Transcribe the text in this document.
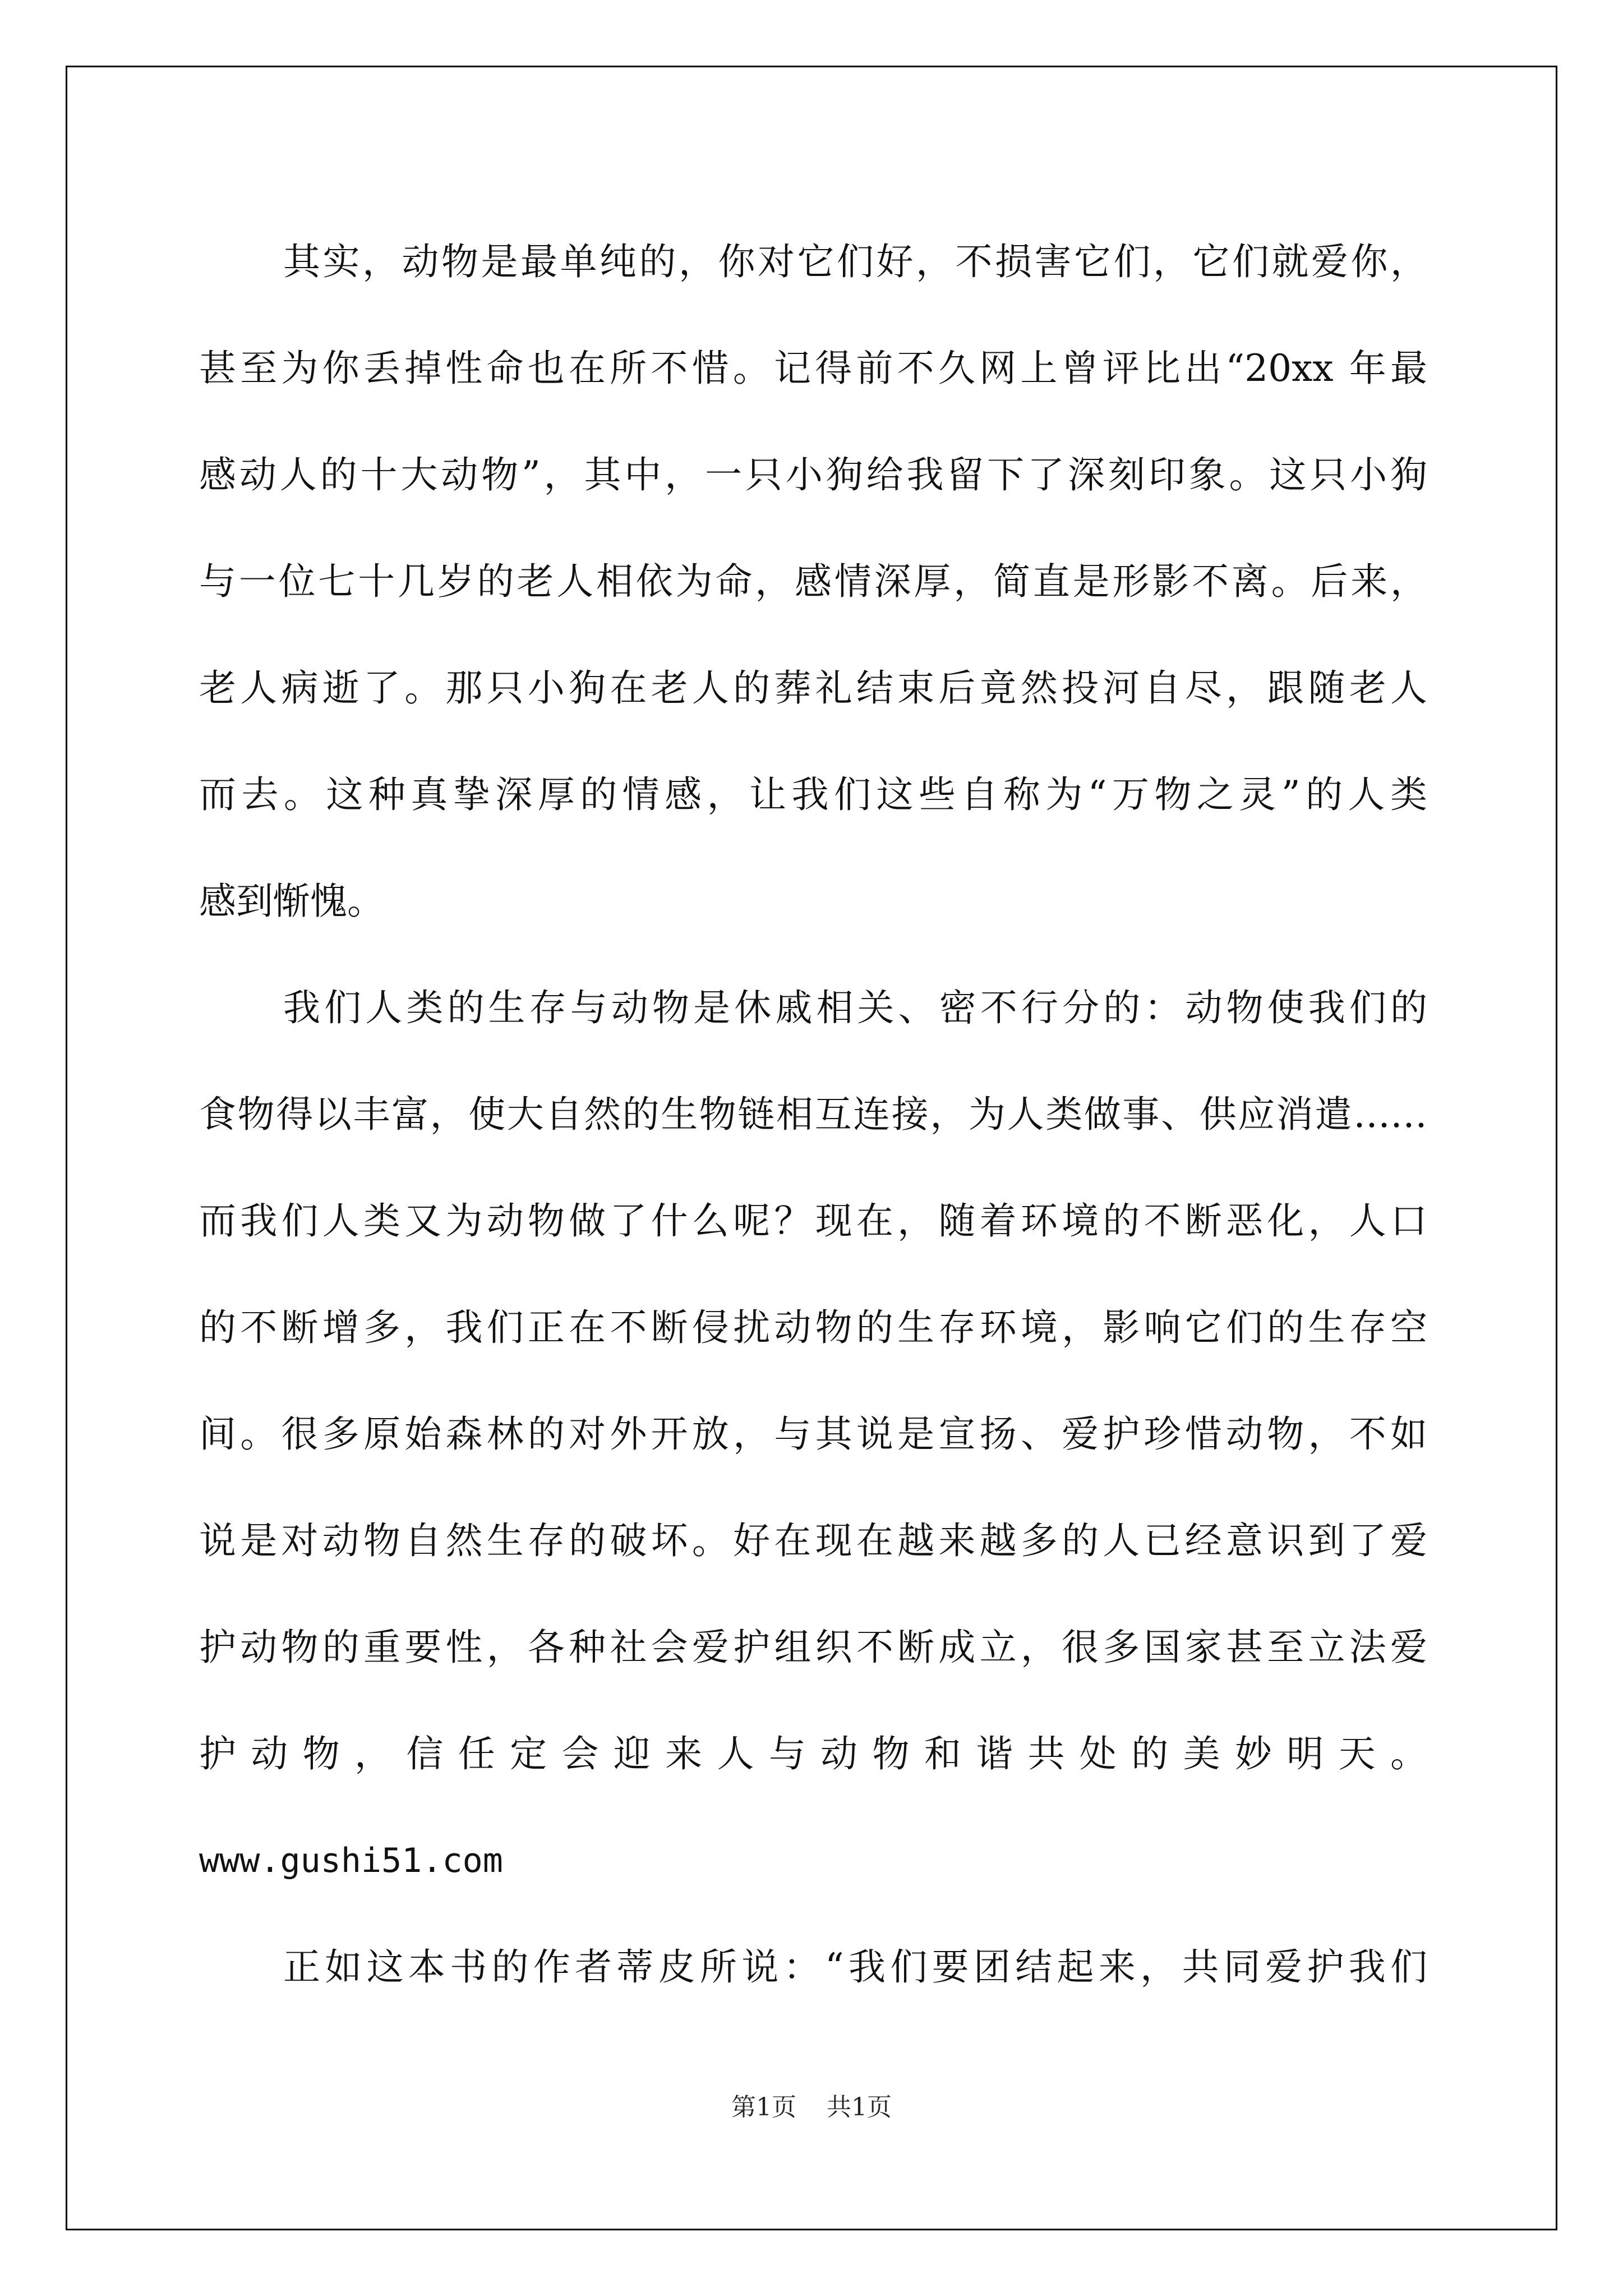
其实，动物是最单纯的，你对它们好，不损害它们，它们就爱你，
甚至为你丢掉性命也在所不惜。记得前不久网上曾评比出“20xx 年最
感动人的十大动物”，其中，一只小狗给我留下了深刻印象。这只小狗
与一位七十几岁的老人相依为命，感情深厚，简直是形影不离。后来，
老人病逝了。那只小狗在老人的葬礼结束后竟然投河自尽，跟随老人
而去。这种真挚深厚的情感，让我们这些自称为“万物之灵”的人类
感到惭愧。
我们人类的生存与动物是休戚相关、密不行分的：动物使我们的
食物得以丰富，使大自然的生物链相互连接，为人类做事、供应消遣……
而我们人类又为动物做了什么呢？现在，随着环境的不断恶化，人口
的不断增多，我们正在不断侵扰动物的生存环境，影响它们的生存空
间。很多原始森林的对外开放，与其说是宣扬、爱护珍惜动物，不如
说是对动物自然生存的破坏。好在现在越来越多的人已经意识到了爱
护动物的重要性，各种社会爱护组织不断成立，很多国家甚至立法爱
护动物，信任定会迎来人与动物和谐共处的美妙明天。
www.gushi51.com
正如这本书的作者蒂皮所说：“我们要团结起来，共同爱护我们
第1页 共1页
